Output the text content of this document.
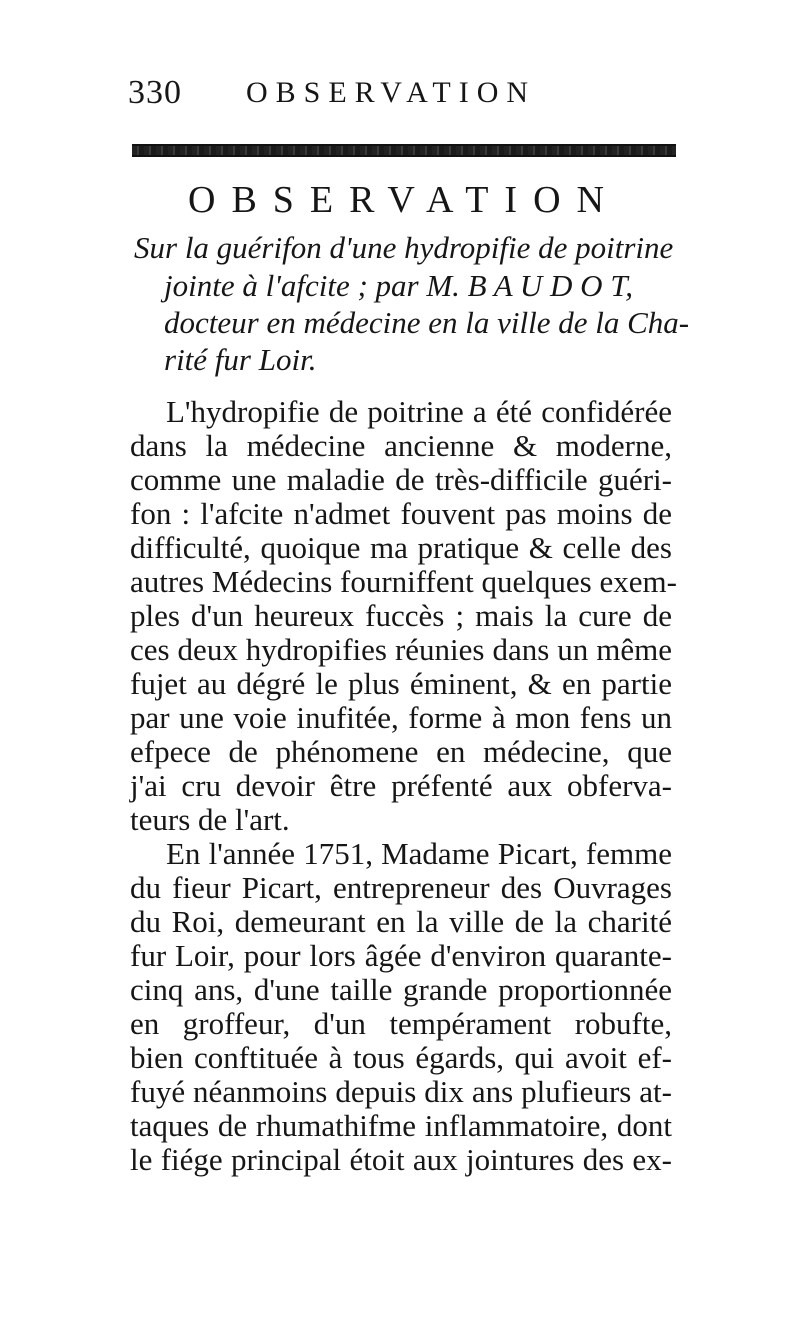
330 OBSERVATION
OBSERVATION
Sur la guérifon d'une hydropifie de poitrine
jointe à l'afcite ; par M. B A U D O T,
docteur en médecine en la ville de la Cha-
rité fur Loir.
L'hydropifie de poitrine a été confidérée
dans la médecine ancienne & moderne,
comme une maladie de très-difficile guéri-
fon : l'afcite n'admet fouvent pas moins de
difficulté, quoique ma pratique & celle des
autres Médecins fourniffent quelques exem-
ples d'un heureux fuccès ; mais la cure de
ces deux hydropifies réunies dans un même
fujet au dégré le plus éminent, & en partie
par une voie inufitée, forme à mon fens un
efpece de phénomene en médecine, que
j'ai cru devoir être préfenté aux obferva-
teurs de l'art.
En l'année 1751, Madame Picart, femme
du fieur Picart, entrepreneur des Ouvrages
du Roi, demeurant en la ville de la charité
fur Loir, pour lors âgée d'environ quarante-
cinq ans, d'une taille grande proportionnée
en groffeur, d'un tempérament robufte,
bien conftituée à tous égards, qui avoit ef-
fuyé néanmoins depuis dix ans plufieurs at-
taques de rhumathifme inflammatoire, dont
le fiége principal étoit aux jointures des ex-
